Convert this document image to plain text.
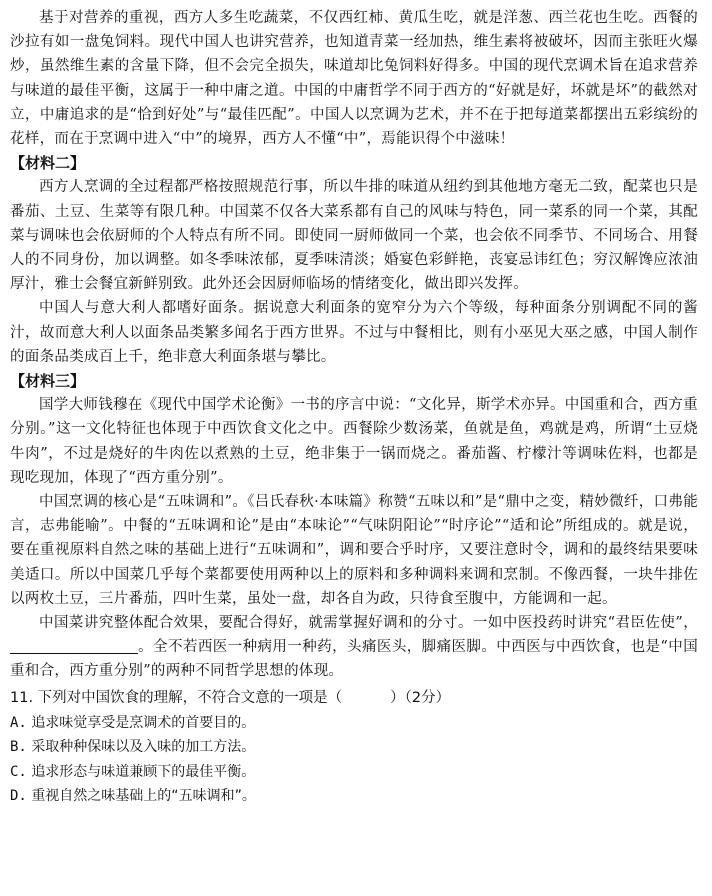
基于对营养的重视，西方人多生吃蔬菜，不仅西红柿、黄瓜生吃，就是洋葱、西兰花也生吃。西餐的沙拉有如一盘兔饲料。现代中国人也讲究营养，也知道青菜一经加热，维生素将被破坏，因而主张旺火爆炒，虽然维生素的含量下降，但不会完全损失，味道却比兔饲料好得多。中国的现代烹调术旨在追求营养与味道的最佳平衡，这属于一种中庸之道。中国的中庸哲学不同于西方的“好就是好，坏就是坏”的截然对立，中庸追求的是“恰到好处”与“最佳匹配”。中国人以烹调为艺术，并不在于把每道菜都摆出五彩缤纷的花样，而在于烹调中进入“中”的境界，西方人不懂“中”，焉能识得个中滋味！

【材料二】

西方人烹调的全过程都严格按照规范行事，所以牛排的味道从纽约到其他地方毫无二致，配菜也只是番茄、土豆、生菜等有限几种。中国菜不仅各大菜系都有自己的风味与特色，同一菜系的同一个菜，其配菜与调味也会依厨师的个人特点有所不同。即使同一厨师做同一个菜，也会依不同季节、不同场合、用餐人的不同身份，加以调整。如冬季味浓郁，夏季味清淡；婚宴色彩鲜艳，丧宴忌讳红色；穷汉解馋应浓油厚汁，雅士会餐宜新鲜别致。此外还会因厨师临场的情绪变化，做出即兴发挥。

中国人与意大利人都嗜好面条。据说意大利面条的宽窄分为六个等级，每种面条分别调配不同的酱汁，故而意大利人以面条品类繁多闻名于西方世界。不过与中餐相比，则有小巫见大巫之感，中国人制作的面条品类成百上千，绝非意大利面条堪与攀比。

【材料三】

国学大师钱穆在《现代中国学术论衡》一书的序言中说：“文化异，斯学术亦异。中国重和合，西方重分别。”这一文化特征也体现于中西饮食文化之中。西餐除少数汤菜，鱼就是鱼，鸡就是鸡，所谓“土豆烧牛肉”，不过是烧好的牛肉佐以煮熟的土豆，绝非集于一锅而烧之。番茄酱、柠檬汁等调味佐料，也都是现吃现加，体现了“西方重分别”。

中国烹调的核心是“五味调和”。《吕氏春秋·本味篇》称赞“五味以和”是“鼎中之变，精妙微纤，口弗能言，志弗能喻”。中餐的“五味调和论”是由“本味论”“气味阴阳论”“时序论”“适和论”所组成的。就是说，要在重视原料自然之味的基础上进行“五味调和”，调和要合乎时序，又要注意时令，调和的最终结果要味美适口。所以中国菜几乎每个菜都要使用两种以上的原料和多种调料来调和烹制。不像西餐，一块牛排佐以两枚土豆，三片番茄，四叶生菜，虽处一盘，却各自为政，只待食至腹中，方能调和一起。

中国菜讲究整体配合效果，要配合得好，就需掌握好调和的分寸。一如中医投药时讲究“君臣佐使”，。全不若西医一种病用一种药，头痛医头，脚痛医脚。中西医与中西饮食，也是“中国重和合，西方重分别”的两种不同哲学思想的体现。

11. 下列对中国饮食的理解，不符合文意的一项是（	）（2分）

A. 追求味觉享受是烹调术的首要目的。

B. 采取种种保味以及入味的加工方法。

C. 追求形态与味道兼顾下的最佳平衡。

D. 重视自然之味基础上的“五味调和”。
